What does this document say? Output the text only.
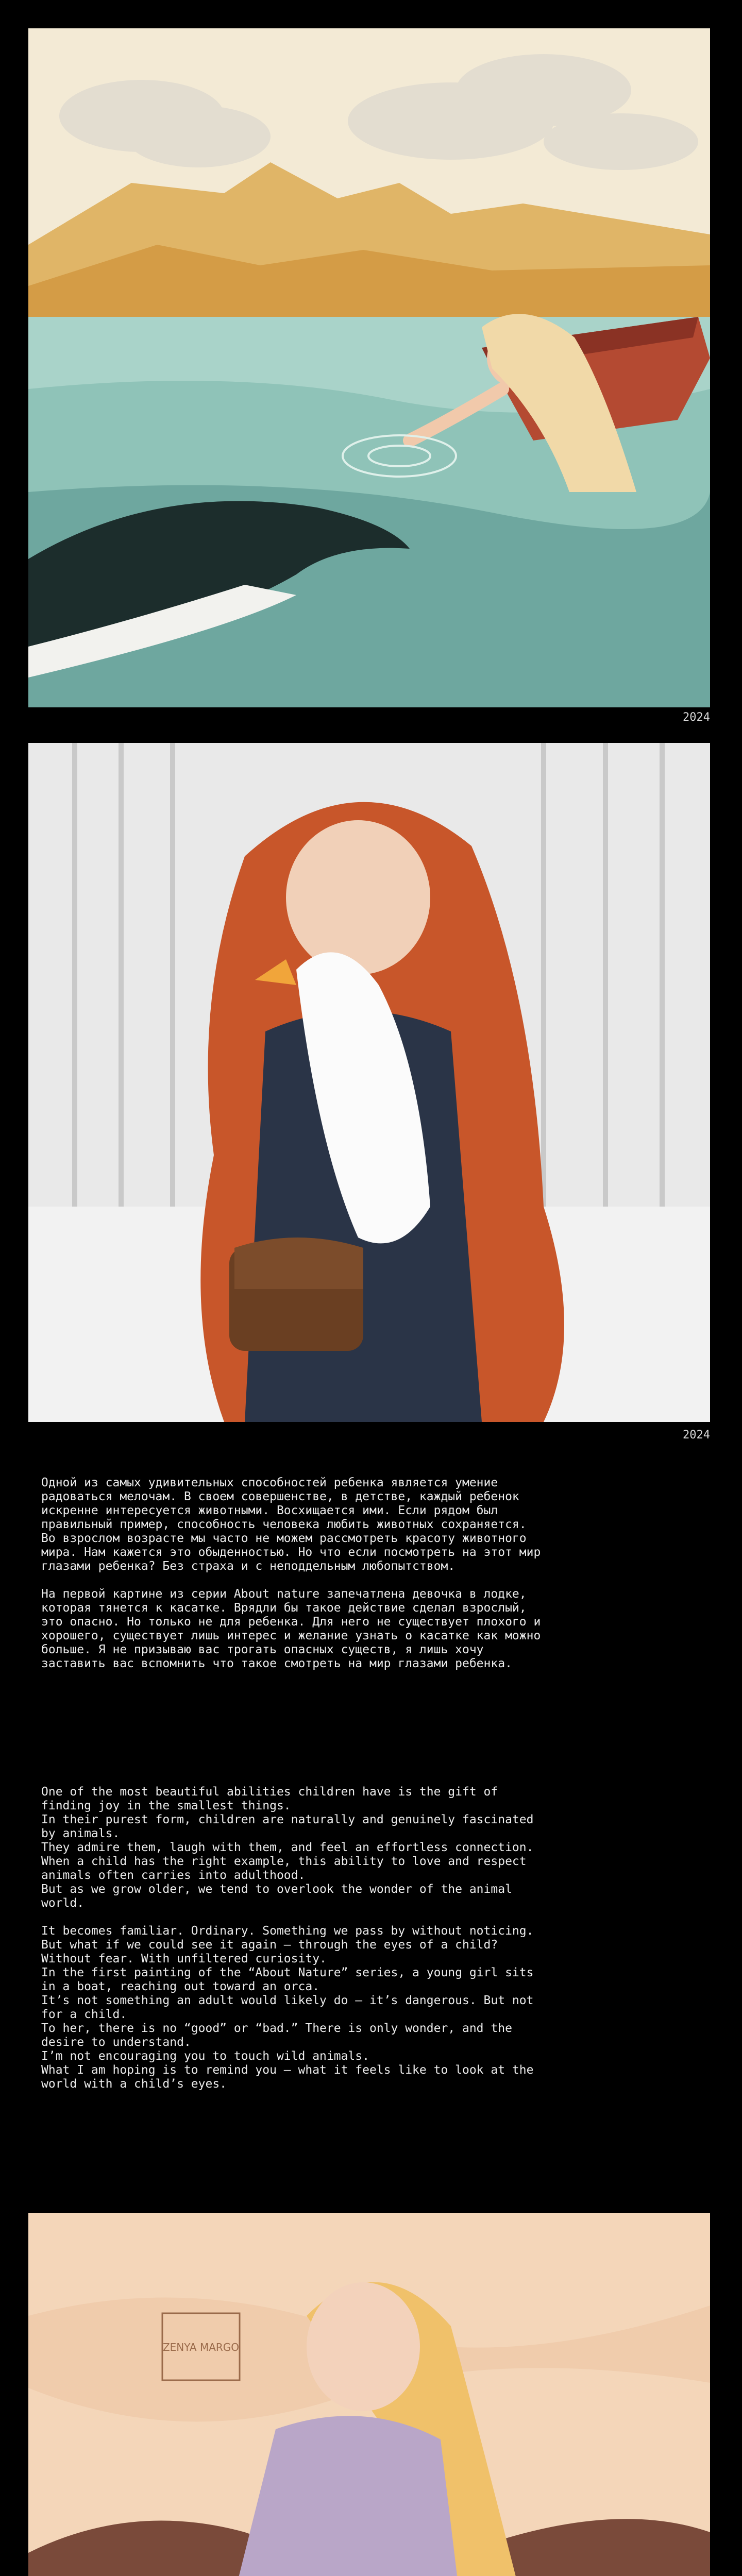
2024
2024

Одной из самых удивительных способностей ребенка является умение

радоваться мелочам. В своем совершенстве, в детстве, каждый ребенок

искренне интересуется животными. Восхищается ими. Если рядом был

правильный пример, способность человека любить животных сохраняется.

Во взрослом возрасте мы часто не можем рассмотреть красоту животного

мира. Нам кажется это обыденностью. Но что если посмотреть на этот мир

глазами ребенка? Без страха и с неподдельным любопытством.

На первой картине из серии About nature запечатлена девочка в лодке,

которая тянется к касатке. Врядли бы такое действие сделал взрослый,

это опасно. Но только не для ребенка. Для него не существует плохого и

хорошего, существует лишь интерес и желание узнать о касатке как можно

больше. Я не призываю вас трогать опасных существ, я лишь хочу

заставить вас вспомнить что такое смотреть на мир глазами ребенка.

One of the most beautiful abilities children have is the gift of

finding joy in the smallest things.

In their purest form, children are naturally and genuinely fascinated

by animals.

They admire them, laugh with them, and feel an effortless connection.

When a child has the right example, this ability to love and respect

animals often carries into adulthood.

But as we grow older, we tend to overlook the wonder of the animal

world.

It becomes familiar. Ordinary. Something we pass by without noticing.

But what if we could see it again — through the eyes of a child?

Without fear. With unfiltered curiosity.

In the first painting of the “About Nature” series, a young girl sits

in a boat, reaching out toward an orca.

It’s not something an adult would likely do — it’s dangerous. But not

for a child.

To her, there is no “good” or “bad.” There is only wonder, and the

desire to understand.

I’m not encouraging you to touch wild animals.

What I am hoping is to remind you — what it feels like to look at the

world with a child’s eyes.

ZENYA MARGO
